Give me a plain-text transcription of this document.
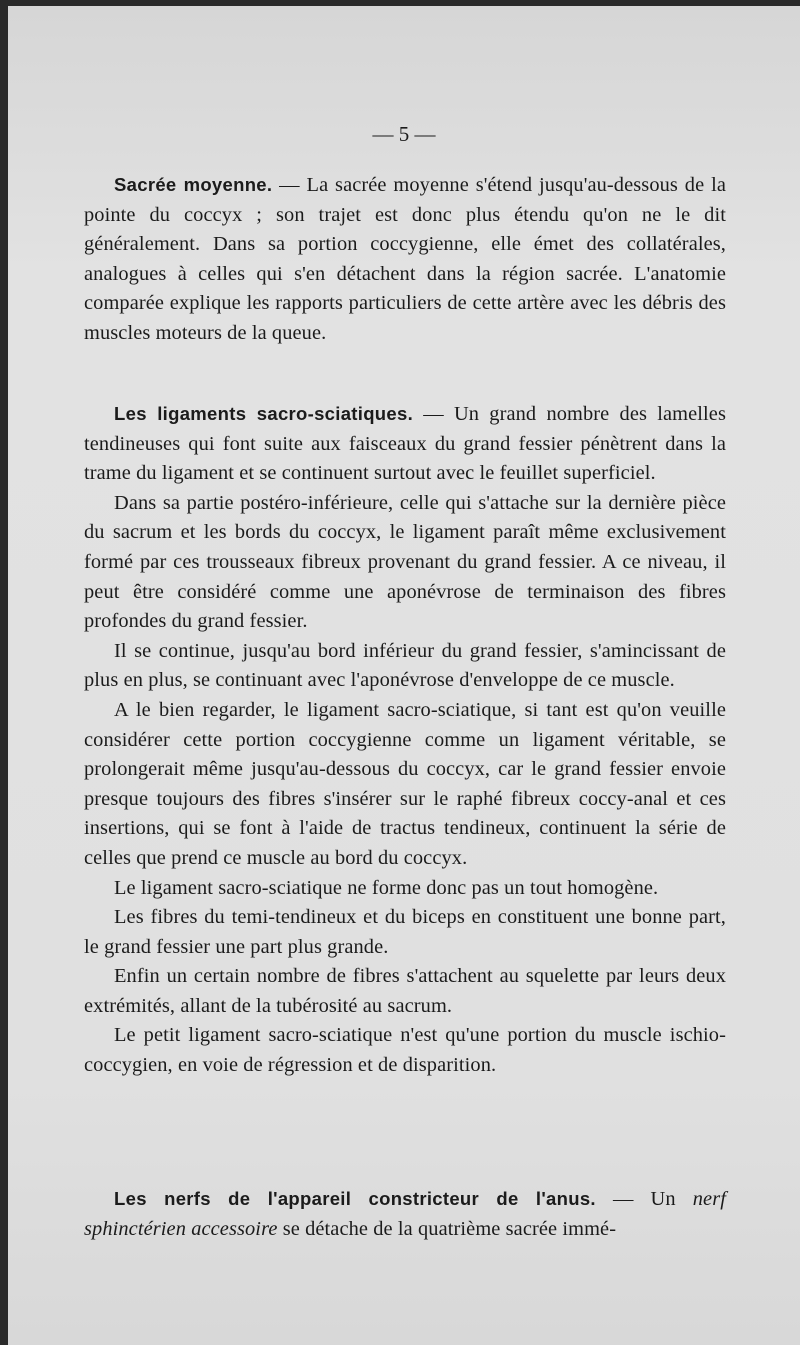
— 5 —

Sacrée moyenne. — La sacrée moyenne s'étend jusqu'au-dessous de la pointe du coccyx ; son trajet est donc plus étendu qu'on ne le dit généralement. Dans sa portion coccygienne, elle émet des collatérales, analogues à celles qui s'en détachent dans la région sacrée. L'anatomie comparée explique les rapports particuliers de cette artère avec les débris des muscles moteurs de la queue.

Les ligaments sacro-sciatiques. — Un grand nombre des lamelles tendineuses qui font suite aux faisceaux du grand fessier pénètrent dans la trame du ligament et se continuent surtout avec le feuillet superficiel.

Dans sa partie postéro-inférieure, celle qui s'attache sur la dernière pièce du sacrum et les bords du coccyx, le ligament paraît même exclusivement formé par ces trousseaux fibreux provenant du grand fessier. A ce niveau, il peut être considéré comme une aponévrose de terminaison des fibres profondes du grand fessier.

Il se continue, jusqu'au bord inférieur du grand fessier, s'amincissant de plus en plus, se continuant avec l'aponévrose d'enveloppe de ce muscle.

A le bien regarder, le ligament sacro-sciatique, si tant est qu'on veuille considérer cette portion coccygienne comme un ligament véritable, se prolongerait même jusqu'au-dessous du coccyx, car le grand fessier envoie presque toujours des fibres s'insérer sur le raphé fibreux coccy-anal et ces insertions, qui se font à l'aide de tractus tendineux, continuent la série de celles que prend ce muscle au bord du coccyx.

Le ligament sacro-sciatique ne forme donc pas un tout homogène.

Les fibres du temi-tendineux et du biceps en constituent une bonne part, le grand fessier une part plus grande.

Enfin un certain nombre de fibres s'attachent au squelette par leurs deux extrémités, allant de la tubérosité au sacrum.

Le petit ligament sacro-sciatique n'est qu'une portion du muscle ischio-coccygien, en voie de régression et de disparition.

Les nerfs de l'appareil constricteur de l'anus. — Un nerf sphinctérien accessoire se détache de la quatrième sacrée immé-
